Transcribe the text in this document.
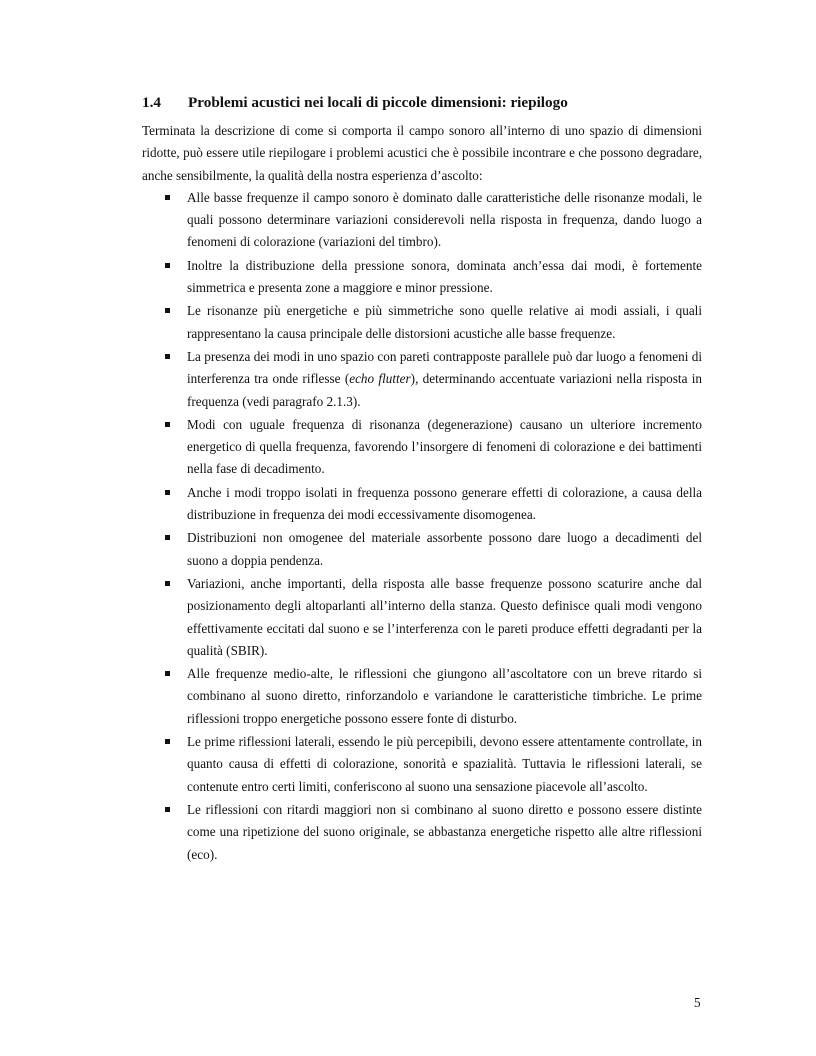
1.4	Problemi acustici nei locali di piccole dimensioni: riepilogo

Terminata la descrizione di come si comporta il campo sonoro all’interno di uno spazio di dimensioni ridotte, può essere utile riepilogare i problemi acustici che è possibile incontrare e che possono degradare, anche sensibilmente, la qualità della nostra esperienza d’ascolto:

Alle basse frequenze il campo sonoro è dominato dalle caratteristiche delle risonanze modali, le quali possono determinare variazioni considerevoli nella risposta in frequenza, dando luogo a fenomeni di colorazione (variazioni del timbro).
Inoltre la distribuzione della pressione sonora, dominata anch’essa dai modi, è fortemente simmetrica e presenta zone a maggiore e minor pressione.
Le risonanze più energetiche e più simmetriche sono quelle relative ai modi assiali, i quali rappresentano la causa principale delle distorsioni acustiche alle basse frequenze.
La presenza dei modi in uno spazio con pareti contrapposte parallele può dar luogo a fenomeni di interferenza tra onde riflesse (echo flutter), determinando accentuate variazioni nella risposta in frequenza (vedi paragrafo 2.1.3).
Modi con uguale frequenza di risonanza (degenerazione) causano un ulteriore incremento energetico di quella frequenza, favorendo l’insorgere di fenomeni di colorazione e dei battimenti nella fase di decadimento.
Anche i modi troppo isolati in frequenza possono generare effetti di colorazione, a causa della distribuzione in frequenza dei modi eccessivamente disomogenea.
Distribuzioni non omogenee del materiale assorbente possono dare luogo a decadimenti del suono a doppia pendenza.
Variazioni, anche importanti, della risposta alle basse frequenze possono scaturire anche dal posizionamento degli altoparlanti all’interno della stanza. Questo definisce quali modi vengono effettivamente eccitati dal suono e se l’interferenza con le pareti produce effetti degradanti per la qualità (SBIR).
Alle frequenze medio-alte, le riflessioni che giungono all’ascoltatore con un breve ritardo si combinano al suono diretto, rinforzandolo e variandone le caratteristiche timbriche. Le prime riflessioni troppo energetiche possono essere fonte di disturbo.
Le prime riflessioni laterali, essendo le più percepibili, devono essere attentamente controllate, in quanto causa di effetti di colorazione, sonorità e spazialità. Tuttavia le riflessioni laterali, se contenute entro certi limiti, conferiscono al suono una sensazione piacevole all’ascolto.
Le riflessioni con ritardi maggiori non si combinano al suono diretto e possono essere distinte come una ripetizione del suono originale, se abbastanza energetiche rispetto alle altre riflessioni (eco).
5
